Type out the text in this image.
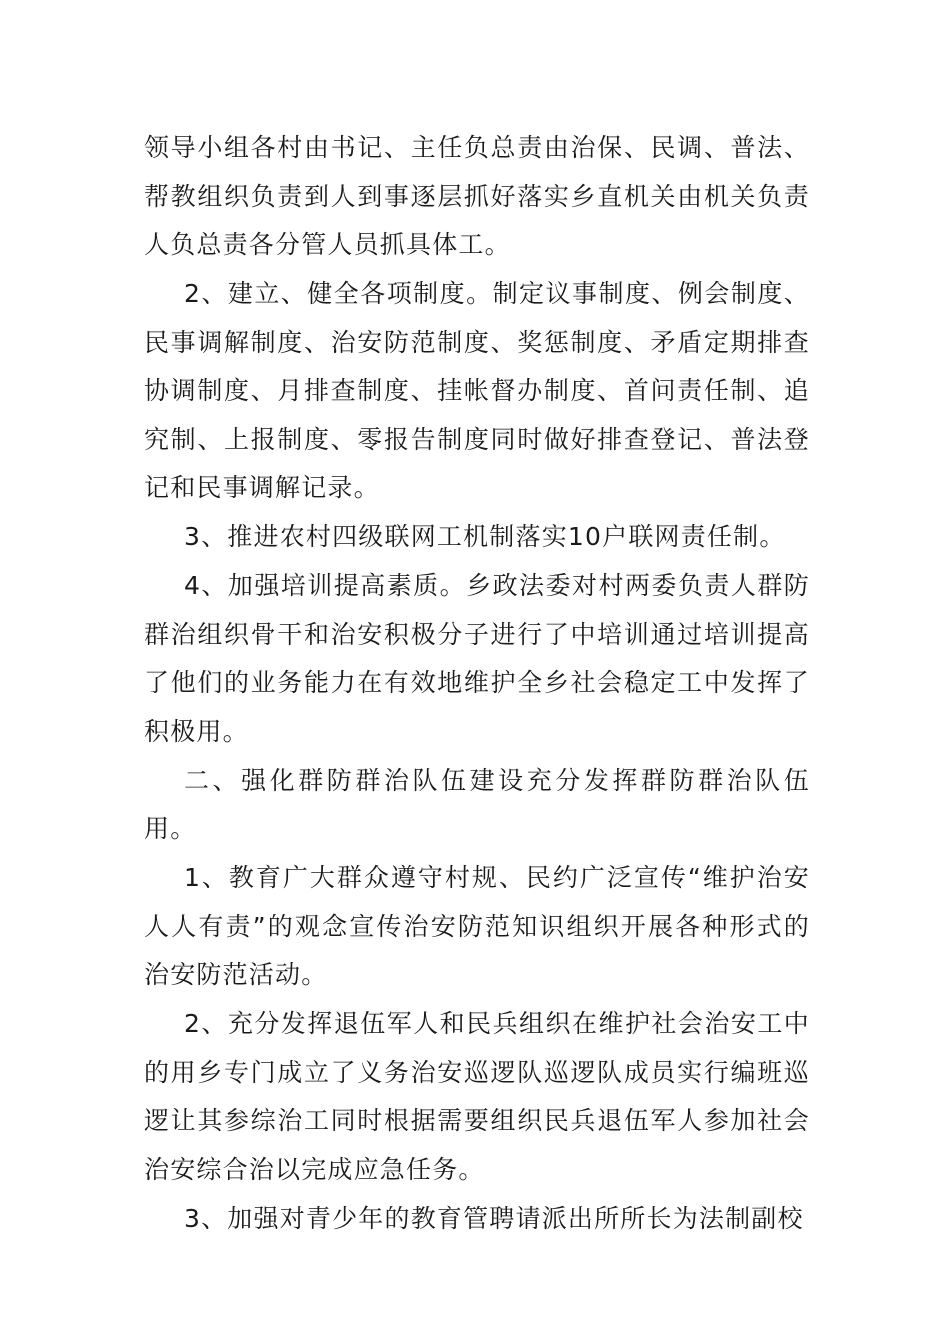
领导小组各村由书记、主任负总责由治保、民调、普法、帮教组织负责到人到事逐层抓好落实乡直机关由机关负责人负总责各分管人员抓具体工。

2、建立、健全各项制度。制定议事制度、例会制度、民事调解制度、治安防范制度、奖惩制度、矛盾定期排查协调制度、月排查制度、挂帐督办制度、首问责任制、追究制、上报制度、零报告制度同时做好排查登记、普法登记和民事调解记录。

3、推进农村四级联网工机制落实10户联网责任制。

4、加强培训提高素质。乡政法委对村两委负责人群防群治组织骨干和治安积极分子进行了中培训通过培训提高了他们的业务能力在有效地维护全乡社会稳定工中发挥了积极用。

二、强化群防群治队伍建设充分发挥群防群治队伍用。

1、教育广大群众遵守村规、民约广泛宣传“维护治安人人有责”的观念宣传治安防范知识组织开展各种形式的治安防范活动。

2、充分发挥退伍军人和民兵组织在维护社会治安工中的用乡专门成立了义务治安巡逻队巡逻队成员实行编班巡逻让其参综治工同时根据需要组织民兵退伍军人参加社会治安综合治以完成应急任务。

3、加强对青少年的教育管聘请派出所所长为法制副校
